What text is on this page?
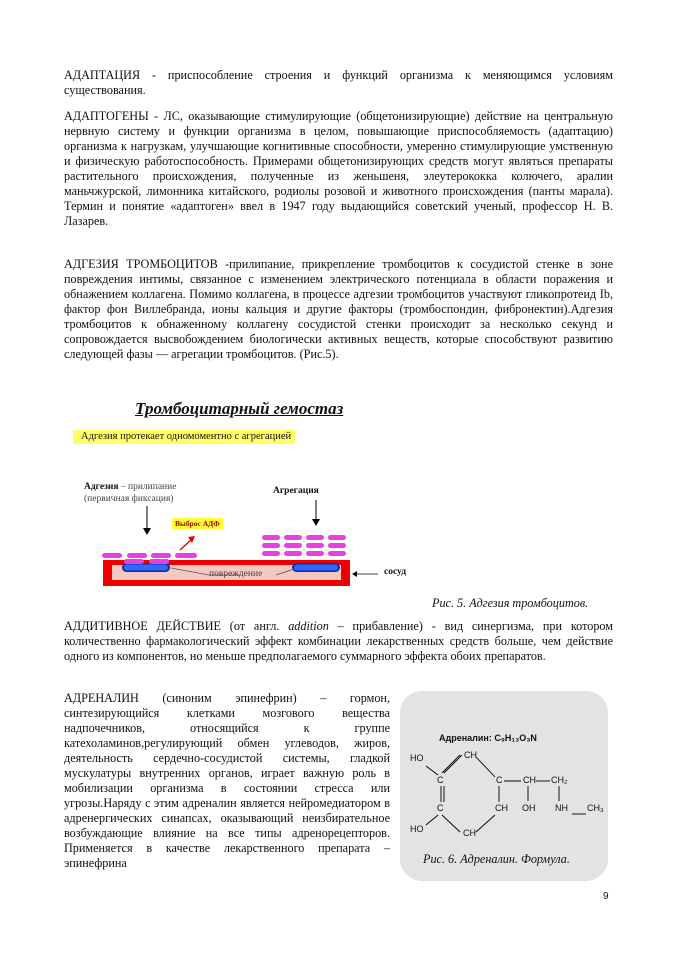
АДАПТАЦИЯ - приспособление строения и функций организма к меняющимся условиям существования.

АДАПТОГЕНЫ - ЛС, оказывающие стимулирующие (общетонизирующие) действие на центральную нервную систему и функции организма в целом, повышающие приспособляемость (адаптацию) организма к нагрузкам, улучшающие когнитивные способности, умеренно стимулирующие умственную и физическую работоспособность. Примерами общетонизирующих средств могут являться препараты растительного происхождения, полученные из женьшеня, элеутерококка колючего, аралии маньчжурской, лимонника китайского, родиолы розовой и животного происхождения (панты марала). Термин и понятие «адаптоген» ввел в 1947 году выдающийся советский ученый, профессор Н. В. Лазарев.

АДГЕЗИЯ ТРОМБОЦИТОВ -прилипание, прикрепление тромбоцитов к сосудистой стенке в зоне повреждения интимы, связанное с изменением электрического потенциала в области поражения и обнажением коллагена. Помимо коллагена, в процессе адгезии тромбоцитов участвуют гликопротеид Ib, фактор фон Виллебранда, ионы кальция и другие факторы (тромбоспондин, фибронектин).Адгезия тромбоцитов к обнаженному коллагену сосудистой стенки происходит за несколько секунд и сопровождается высвобождением биологически активных веществ, которые способствуют развитию следующей фазы — агрегации тромбоцитов. (Рис.5).

Тромбоцитарный гемостаз

Адгезия протекает одномоментно с агрегацией

Адгезия – прилипание

(первичная фиксация)

Агрегация

Выброс АДФ

повреждение	сосуд

Рис. 5. Адгезия тромбоцитов.

АДДИТИВНОЕ ДЕЙСТВИЕ (от англ. addition – прибавление) - вид синергизма, при котором количественно фармакологический эффект комбинации лекарственных средств больше, чем действие одного из компонентов, но меньше предполагаемого суммарного эффекта обоих препаратов.

АДРЕНАЛИН (синоним эпинефрин) – гормон, синтезирующийся клетками мозгового вещества надпочечников, относящийся к группе катехоламинов,регулирующий обмен углеводов, жиров, деятельность сердечно-сосудистой системы, гладкой мускулатуры внутренних органов, играет важную роль в мобилизации организма в состоянии стресса или угрозы.Наряду с этим адреналин является нейромедиатором в адренергических синапсах, оказывающий неизбирательное возбуждающие влияние на все типы адренорецепторов. Применяется в качестве лекарственного препарата – эпинефрина

Адреналин: C₉H₁₃O₃N
HO	CH
C	C CH CH₂
C	CH OH NH CH₃
HO	CH

Рис. 6. Адреналин. Формула.

9
